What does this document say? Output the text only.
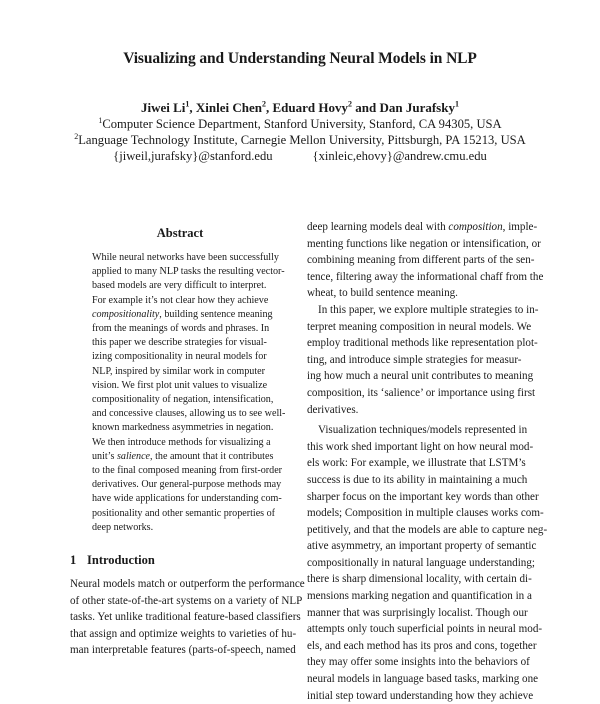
Visualizing and Understanding Neural Models in NLP
Jiwei Li$^1$, Xinlei Chen$^2$, Eduard Hovy$^2$ and Dan Jurafsky$^1$
$^1$Computer Science Department, Stanford University, Stanford, CA 94305, USA
$^2$Language Technology Institute, Carnegie Mellon University, Pittsburgh, PA 15213, USA
{jiweil,jurafsky}@stanford.edu	{xinleic,ehovy}@andrew.cmu.edu
Abstract
While neural networks have been successfully
applied to many NLP tasks the resulting vector-
based models are very difficult to interpret.
For example it’s not clear how they achieve
compositionality, building sentence meaning
from the meanings of words and phrases. In
this paper we describe strategies for visual-
izing compositionality in neural models for
NLP, inspired by similar work in computer
vision. We first plot unit values to visualize
compositionality of negation, intensification,
and concessive clauses, allowing us to see well-
known markedness asymmetries in negation.
We then introduce methods for visualizing a
unit’s salience, the amount that it contributes
to the final composed meaning from first-order
derivatives. Our general-purpose methods may
have wide applications for understanding com-
positionality and other semantic properties of
deep networks.
1 Introduction
Neural models match or outperform the performance
of other state-of-the-art systems on a variety of NLP
tasks. Yet unlike traditional feature-based classifiers
that assign and optimize weights to varieties of hu-
man interpretable features (parts-of-speech, named
deep learning models deal with composition, imple-
menting functions like negation or intensification, or
combining meaning from different parts of the sen-
tence, filtering away the informational chaff from the
wheat, to build sentence meaning.
In this paper, we explore multiple strategies to in-
terpret meaning composition in neural models. We
employ traditional methods like representation plot-
ting, and introduce simple strategies for measur-
ing how much a neural unit contributes to meaning
composition, its ‘salience’ or importance using first
derivatives.
Visualization techniques/models represented in
this work shed important light on how neural mod-
els work: For example, we illustrate that LSTM’s
success is due to its ability in maintaining a much
sharper focus on the important key words than other
models; Composition in multiple clauses works com-
petitively, and that the models are able to capture neg-
ative asymmetry, an important property of semantic
compositionally in natural language understanding;
there is sharp dimensional locality, with certain di-
mensions marking negation and quantification in a
manner that was surprisingly localist. Though our
attempts only touch superficial points in neural mod-
els, and each method has its pros and cons, together
they may offer some insights into the behaviors of
neural models in language based tasks, marking one
initial step toward understanding how they achieve
